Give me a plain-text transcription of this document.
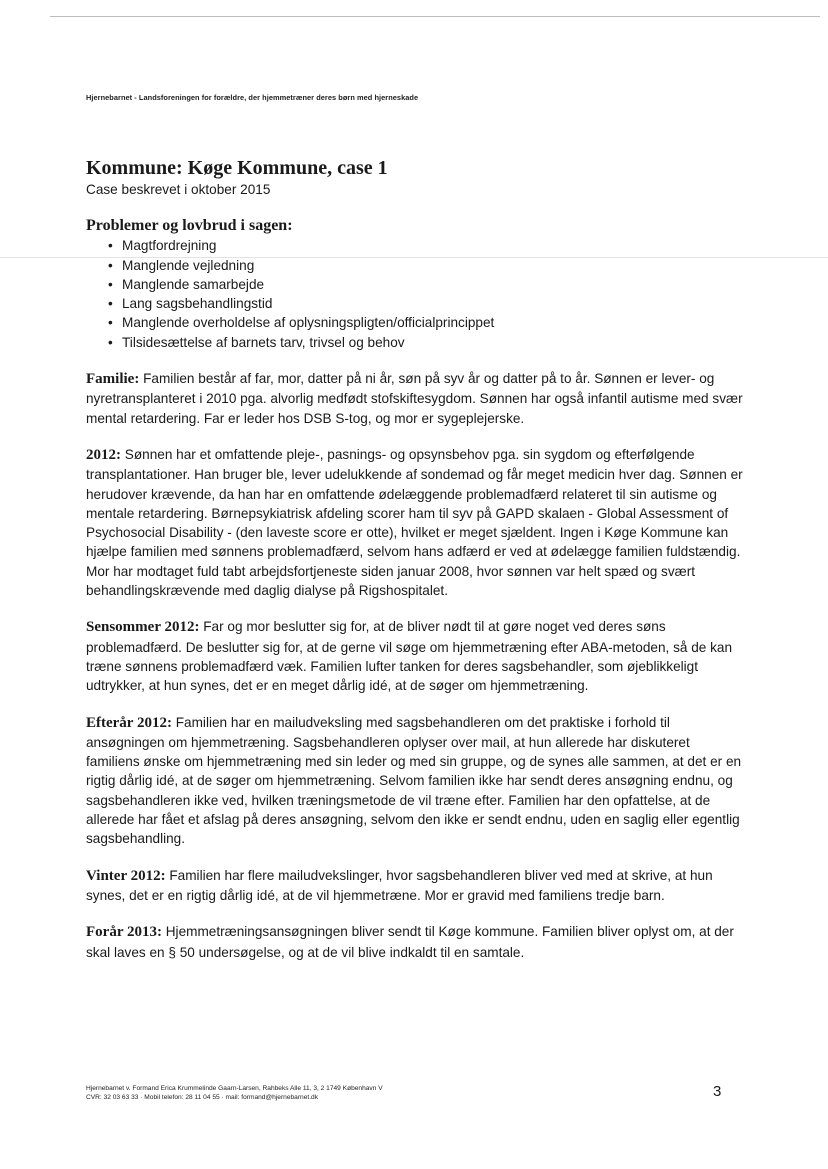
Hjernebarnet - Landsforeningen for forældre, der hjemmetræner deres børn med hjerneskade
Kommune: Køge Kommune, case 1
Case beskrevet i oktober 2015
Problemer og lovbrud i sagen:
• Magtfordrejning
• Manglende vejledning
• Manglende samarbejde
• Lang sagsbehandlingstid
• Manglende overholdelse af oplysningspligten/officialprincippet
• Tilsidesættelse af barnets tarv, trivsel og behov

Familie: Familien består af far, mor, datter på ni år, søn på syv år og datter på to år. Sønnen er lever- og nyretransplanteret i 2010 pga. alvorlig medfødt stofskiftesygdom. Sønnen har også infantil autisme med svær mental retardering. Far er leder hos DSB S-tog, og mor er sygeplejerske.

2012: Sønnen har et omfattende pleje-, pasnings- og opsynsbehov pga. sin sygdom og efterfølgende transplantationer. Han bruger ble, lever udelukkende af sondemad og får meget medicin hver dag. Sønnen er herudover krævende, da han har en omfattende ødelæggende problemadfærd relateret til sin autisme og mentale retardering. Børnepsykiatrisk afdeling scorer ham til syv på GAPD skalaen - Global Assessment of Psychosocial Disability - (den laveste score er otte), hvilket er meget sjældent. Ingen i Køge Kommune kan hjælpe familien med sønnens problemadfærd, selvom hans adfærd er ved at ødelægge familien fuldstændig. Mor har modtaget fuld tabt arbejdsfortjeneste siden januar 2008, hvor sønnen var helt spæd og svært behandlingskrævende med daglig dialyse på Rigshospitalet.

Sensommer 2012: Far og mor beslutter sig for, at de bliver nødt til at gøre noget ved deres søns problemadfærd. De beslutter sig for, at de gerne vil søge om hjemmetræning efter ABA-metoden, så de kan træne sønnens problemadfærd væk. Familien lufter tanken for deres sagsbehandler, som øjeblikkeligt udtrykker, at hun synes, det er en meget dårlig idé, at de søger om hjemmetræning.

Efterår 2012: Familien har en mailudveksling med sagsbehandleren om det praktiske i forhold til ansøgningen om hjemmetræning. Sagsbehandleren oplyser over mail, at hun allerede har diskuteret familiens ønske om hjemmetræning med sin leder og med sin gruppe, og de synes alle sammen, at det er en rigtig dårlig idé, at de søger om hjemmetræning. Selvom familien ikke har sendt deres ansøgning endnu, og sagsbehandleren ikke ved, hvilken træningsmetode de vil træne efter. Familien har den opfattelse, at de allerede har fået et afslag på deres ansøgning, selvom den ikke er sendt endnu, uden en saglig eller egentlig sagsbehandling.

Vinter 2012: Familien har flere mailudvekslinger, hvor sagsbehandleren bliver ved med at skrive, at hun synes, det er en rigtig dårlig idé, at de vil hjemmetræne. Mor er gravid med familiens tredje barn.

Forår 2013: Hjemmetræningsansøgningen bliver sendt til Køge kommune. Familien bliver oplyst om, at der skal laves en § 50 undersøgelse, og at de vil blive indkaldt til en samtale.

Hjernebarnet v. Formand Erica Krummelinde Gaarn-Larsen, Rahbeks Alle 11, 3, 2 1749 København V
CVR: 32 03 63 33 · Mobil telefon: 28 11 04 55 · mail: formand@hjernebarnet.dk	3
